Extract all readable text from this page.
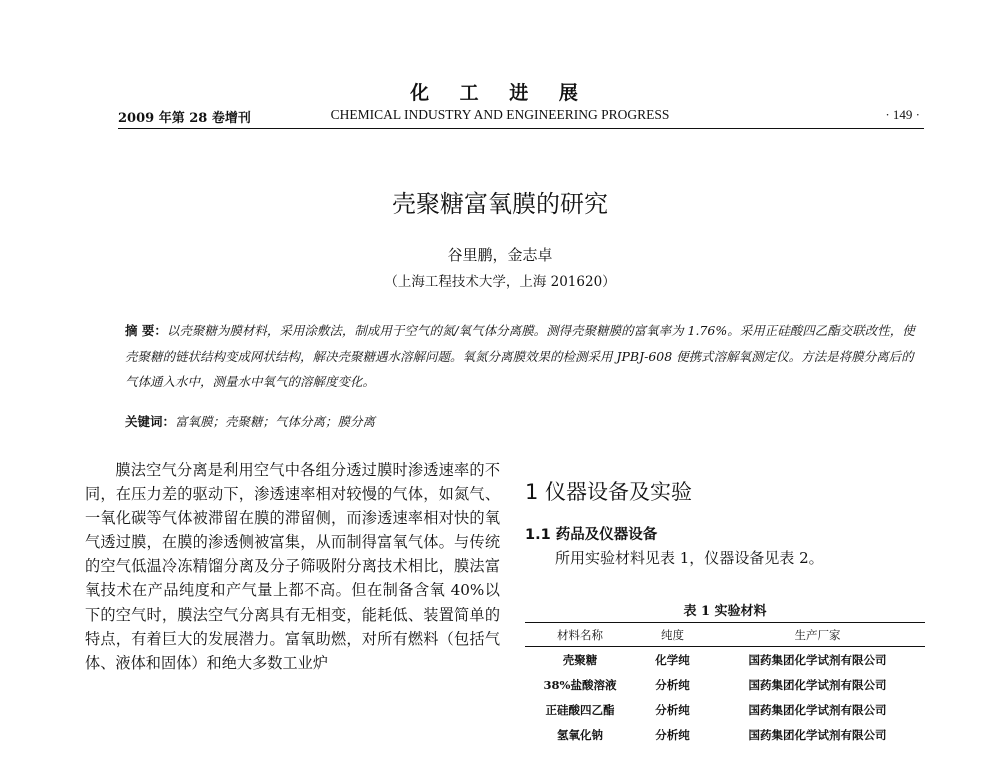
化 工 进 展
2009 年第 28 卷增刊	CHEMICAL INDUSTRY AND ENGINEERING PROGRESS	· 149 ·
壳聚糖富氧膜的研究
谷里鹏，金志卓
（上海工程技术大学，上海 201620）
摘 要：以壳聚糖为膜材料，采用涂敷法，制成用于空气的氮/氧气体分离膜。测得壳聚糖膜的富氧率为 1.76%。采用正硅酸四乙酯交联改性，使壳聚糖的链状结构变成网状结构，解决壳聚糖遇水溶解问题。氧氮分离膜效果的检测采用 JPBJ-608 便携式溶解氧测定仪。方法是将膜分离后的气体通入水中，测量水中氧气的溶解度变化。
关键词：富氧膜；壳聚糖；气体分离；膜分离

膜法空气分离是利用空气中各组分透过膜时渗透速率的不同，在压力差的驱动下，渗透速率相对较慢的气体，如氮气、一氧化碳等气体被滞留在膜的滞留侧，而渗透速率相对快的氧气透过膜，在膜的渗透侧被富集，从而制得富氧气体。与传统的空气低温冷冻精馏分离及分子筛吸附分离技术相比，膜法富氧技术在产品纯度和产气量上都不高。但在制备含氧 40%以下的空气时，膜法空气分离具有无相变，能耗低、装置简单的特点，有着巨大的发展潜力。富氧助燃，对所有燃料（包括气体、液体和固体）和绝大多数工业炉

1 仪器设备及实验
1.1 药品及仪器设备
所用实验材料见表 1，仪器设备见表 2。
表 1 实验材料
材料名称	纯度	生产厂家
壳聚糖	化学纯	国药集团化学试剂有限公司
38%盐酸溶液	分析纯	国药集团化学试剂有限公司
正硅酸四乙酯	分析纯	国药集团化学试剂有限公司
氢氧化钠	分析纯	国药集团化学试剂有限公司
